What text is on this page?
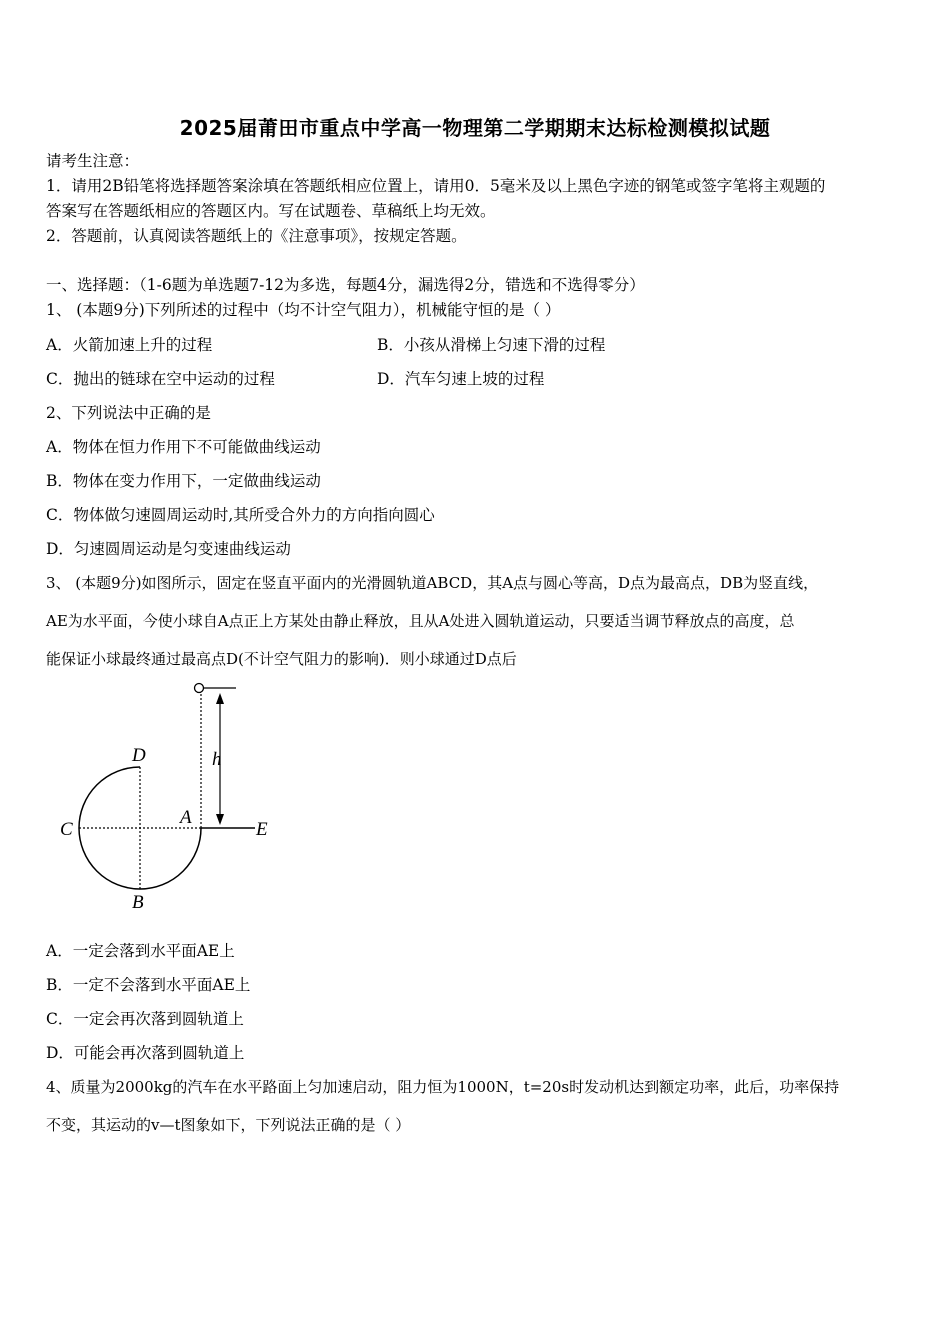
2025届莆田市重点中学高一物理第二学期期末达标检测模拟试题
请考生注意：
1．请用2B铅笔将选择题答案涂填在答题纸相应位置上，请用0．5毫米及以上黑色字迹的钢笔或签字笔将主观题的
答案写在答题纸相应的答题区内。写在试题卷、草稿纸上均无效。
2．答题前，认真阅读答题纸上的《注意事项》，按规定答题。
一、选择题：（1-6题为单选题7-12为多选，每题4分，漏选得2分，错选和不选得零分）
1、 (本题9分)下列所述的过程中（均不计空气阻力），机械能守恒的是（ ）
A．火箭加速上升的过程	B．小孩从滑梯上匀速下滑的过程
C．抛出的链球在空中运动的过程	D．汽车匀速上坡的过程
2、下列说法中正确的是
A．物体在恒力作用下不可能做曲线运动
B．物体在变力作用下，一定做曲线运动
C．物体做匀速圆周运动时,其所受合外力的方向指向圆心
D．匀速圆周运动是匀变速曲线运动
3、 (本题9分)如图所示，固定在竖直平面内的光滑圆轨道ABCD，其A点与圆心等高，D点为最高点，DB为竖直线，
AE为水平面，今使小球自A点正上方某处由静止释放，且从A处进入圆轨道运动，只要适当调节释放点的高度，总
能保证小球最终通过最高点D(不计空气阻力的影响)．则小球通过D点后
h
D
C
A
E
B
A．一定会落到水平面AE上
B．一定不会落到水平面AE上
C．一定会再次落到圆轨道上
D．可能会再次落到圆轨道上
4、质量为2000kg的汽车在水平路面上匀加速启动，阻力恒为1000N，t=20s时发动机达到额定功率，此后，功率保持
不变，其运动的v—t图象如下，下列说法正确的是（ ）
